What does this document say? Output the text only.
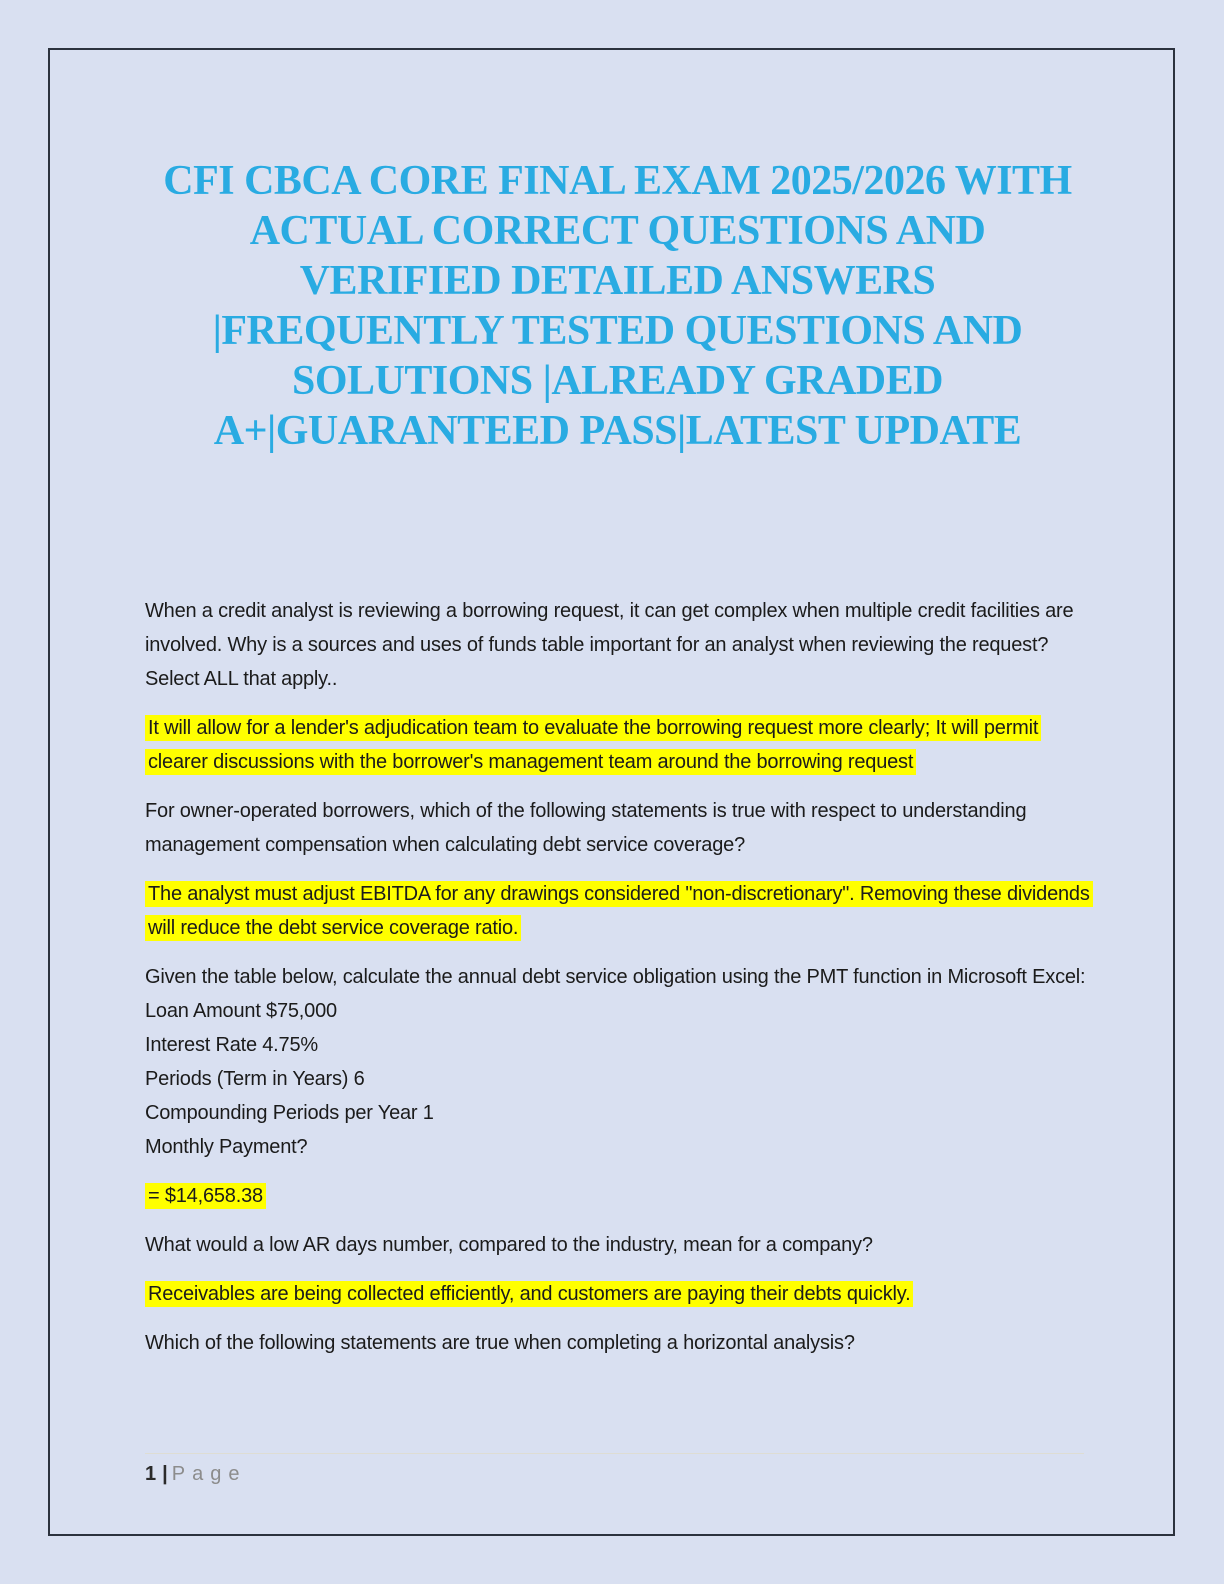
CFI CBCA CORE FINAL EXAM 2025/2026 WITH
ACTUAL CORRECT QUESTIONS AND
VERIFIED DETAILED ANSWERS
|FREQUENTLY TESTED QUESTIONS AND
SOLUTIONS |ALREADY GRADED
A+|GUARANTEED PASS|LATEST UPDATE

When a credit analyst is reviewing a borrowing request, it can get complex when multiple credit facilities are involved. Why is a sources and uses of funds table important for an analyst when reviewing the request? Select ALL that apply..

It will allow for a lender's adjudication team to evaluate the borrowing request more clearly; It will permit clearer discussions with the borrower's management team around the borrowing request

For owner-operated borrowers, which of the following statements is true with respect to understanding management compensation when calculating debt service coverage?

The analyst must adjust EBITDA for any drawings considered "non-discretionary". Removing these dividends will reduce the debt service coverage ratio.

Given the table below, calculate the annual debt service obligation using the PMT function in Microsoft Excel:
Loan Amount $75,000
Interest Rate 4.75%
Periods (Term in Years) 6
Compounding Periods per Year 1
Monthly Payment?

= $14,658.38

What would a low AR days number, compared to the industry, mean for a company?

Receivables are being collected efficiently, and customers are paying their debts quickly.

Which of the following statements are true when completing a horizontal analysis?

1 | Page
